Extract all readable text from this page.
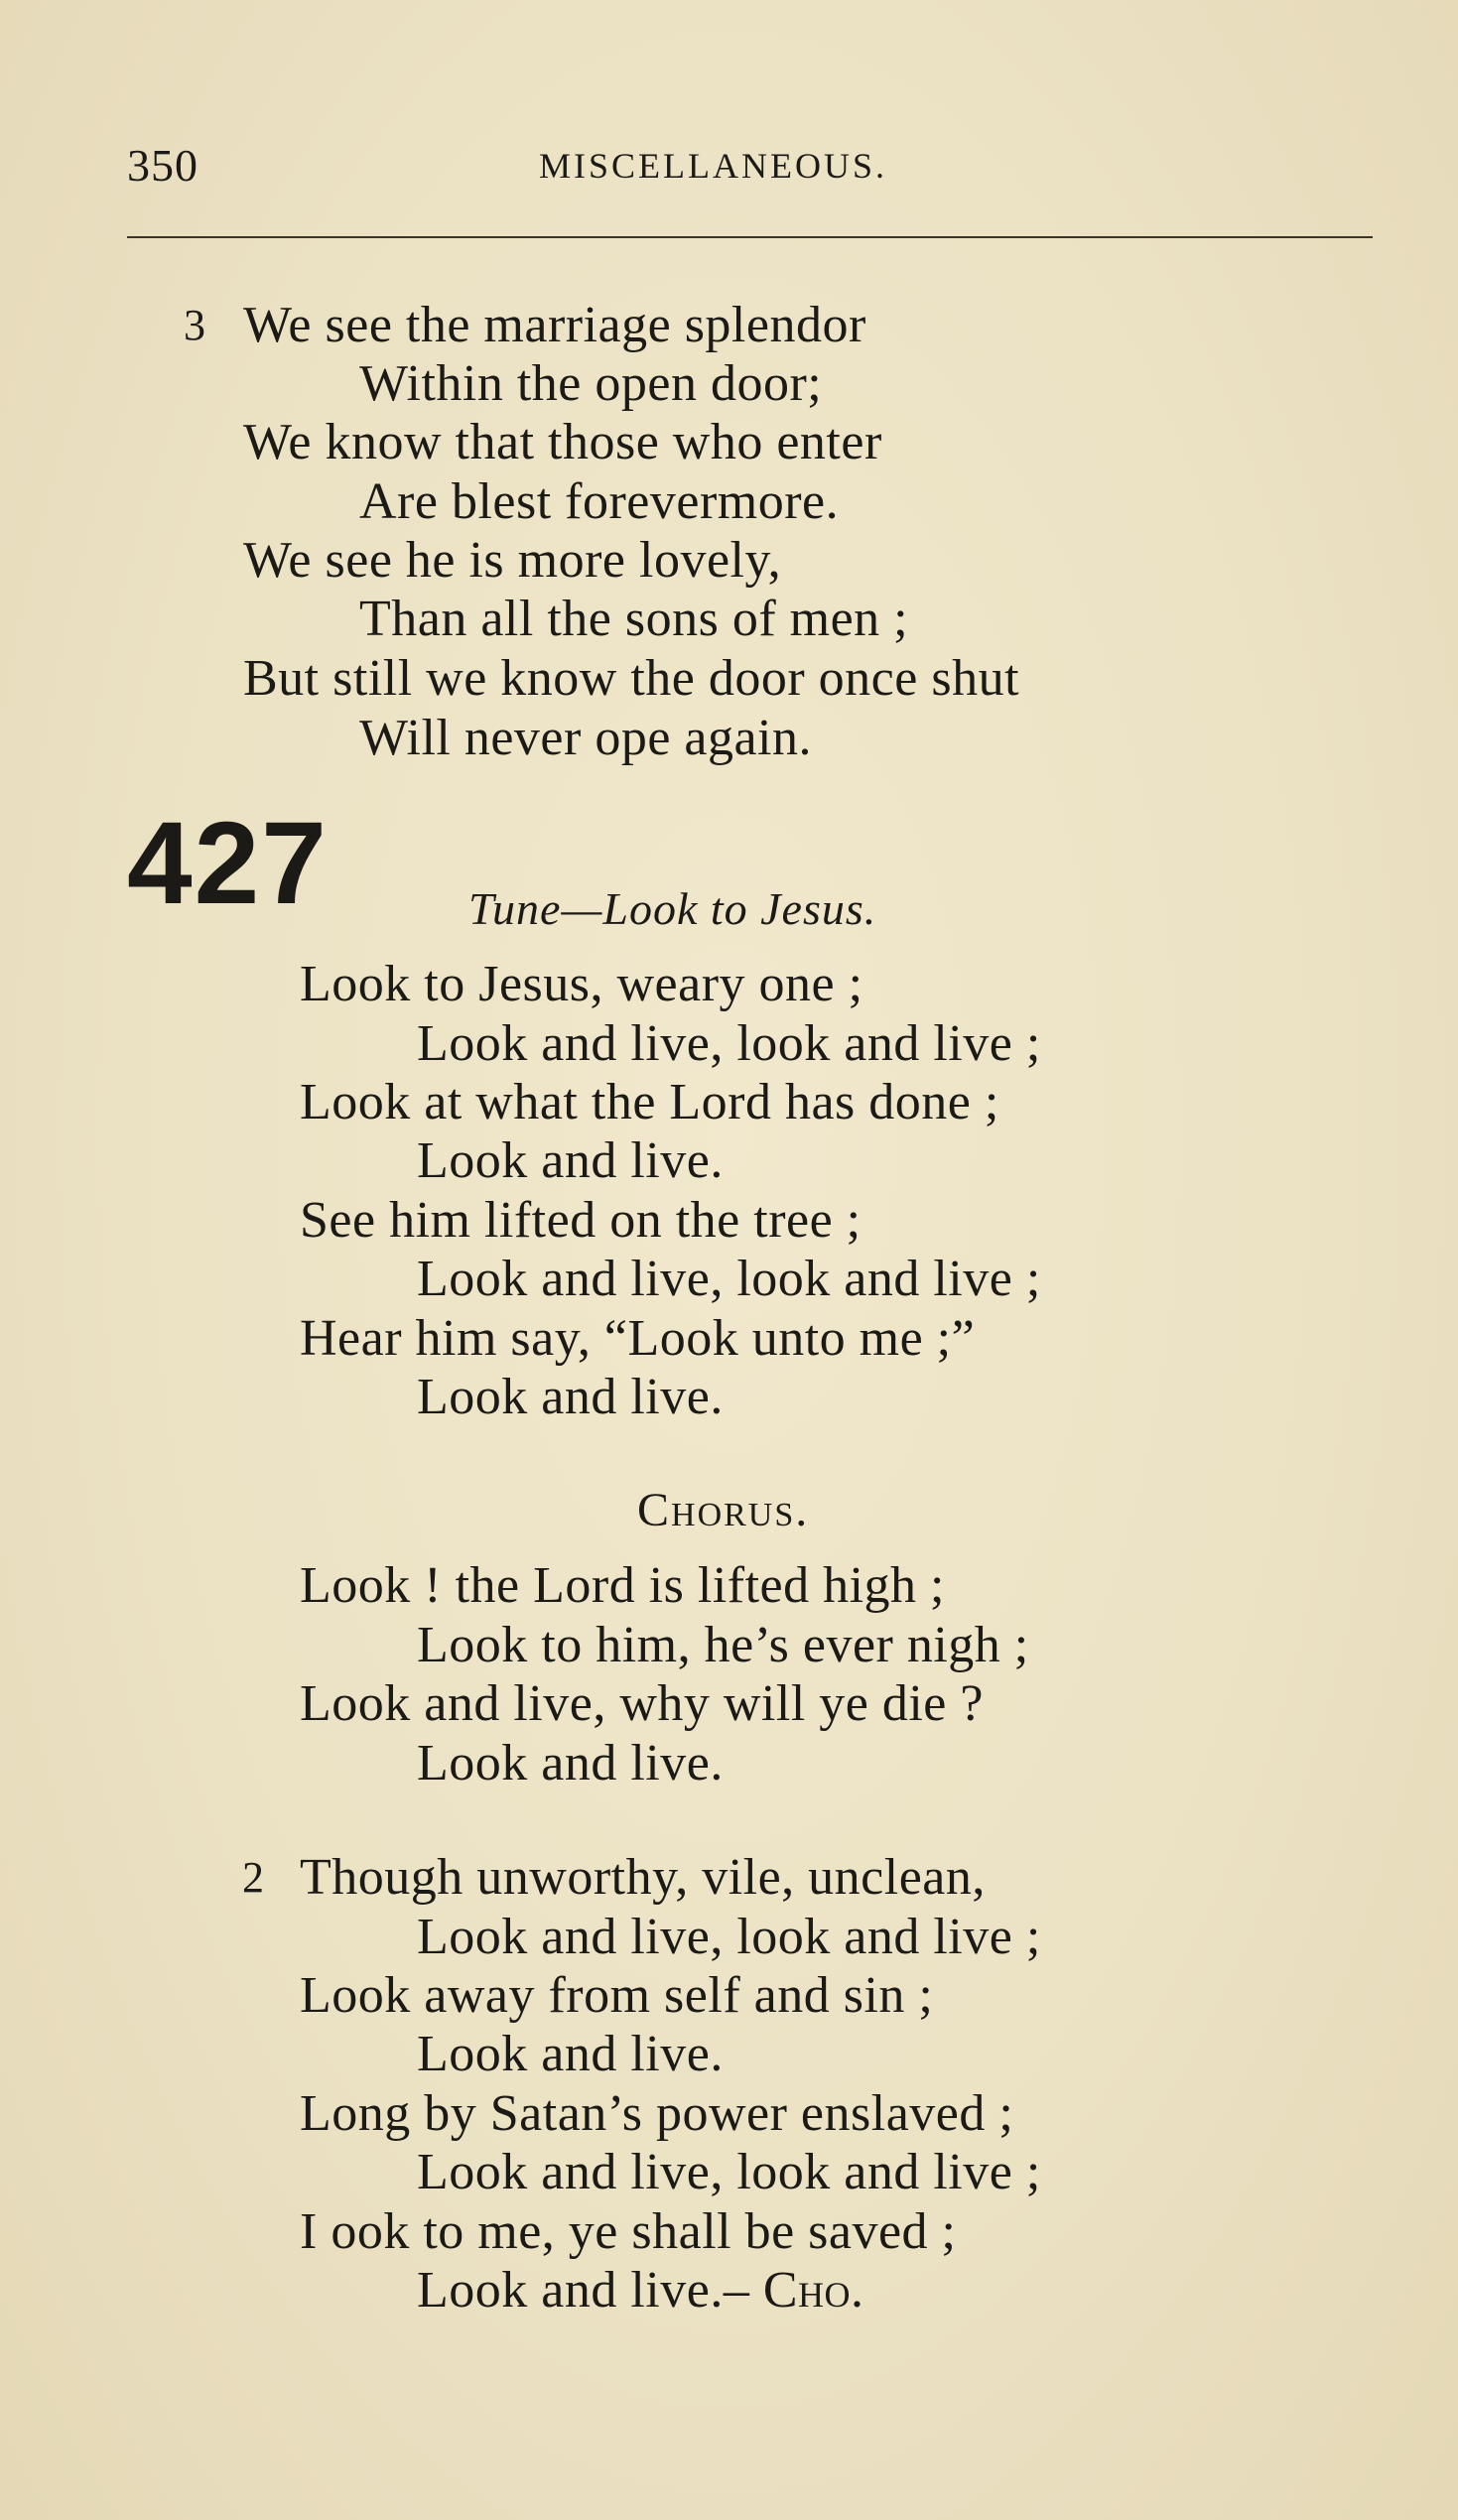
350	MISCELLANEOUS.
3 We see the marriage splendor
Within the open door;
We know that those who enter
Are blest forevermore.
We see he is more lovely,
Than all the sons of men ;
But still we know the door once shut
Will never ope again.
427	Tune—Look to Jesus.
Look to Jesus, weary one ;
Look and live, look and live ;
Look at what the Lord has done ;
Look and live.
See him lifted on the tree ;
Look and live, look and live ;
Hear him say, “Look unto me ;”
Look and live.
Chorus.
Look ! the Lord is lifted high ;
Look to him, he’s ever nigh ;
Look and live, why will ye die ?
Look and live.
2 Though unworthy, vile, unclean,
Look and live, look and live ;
Look away from self and sin ;
Look and live.
Long by Satan’s power enslaved ;
Look and live, look and live ;
I ook to me, ye shall be saved ;
Look and live.– Cho.
